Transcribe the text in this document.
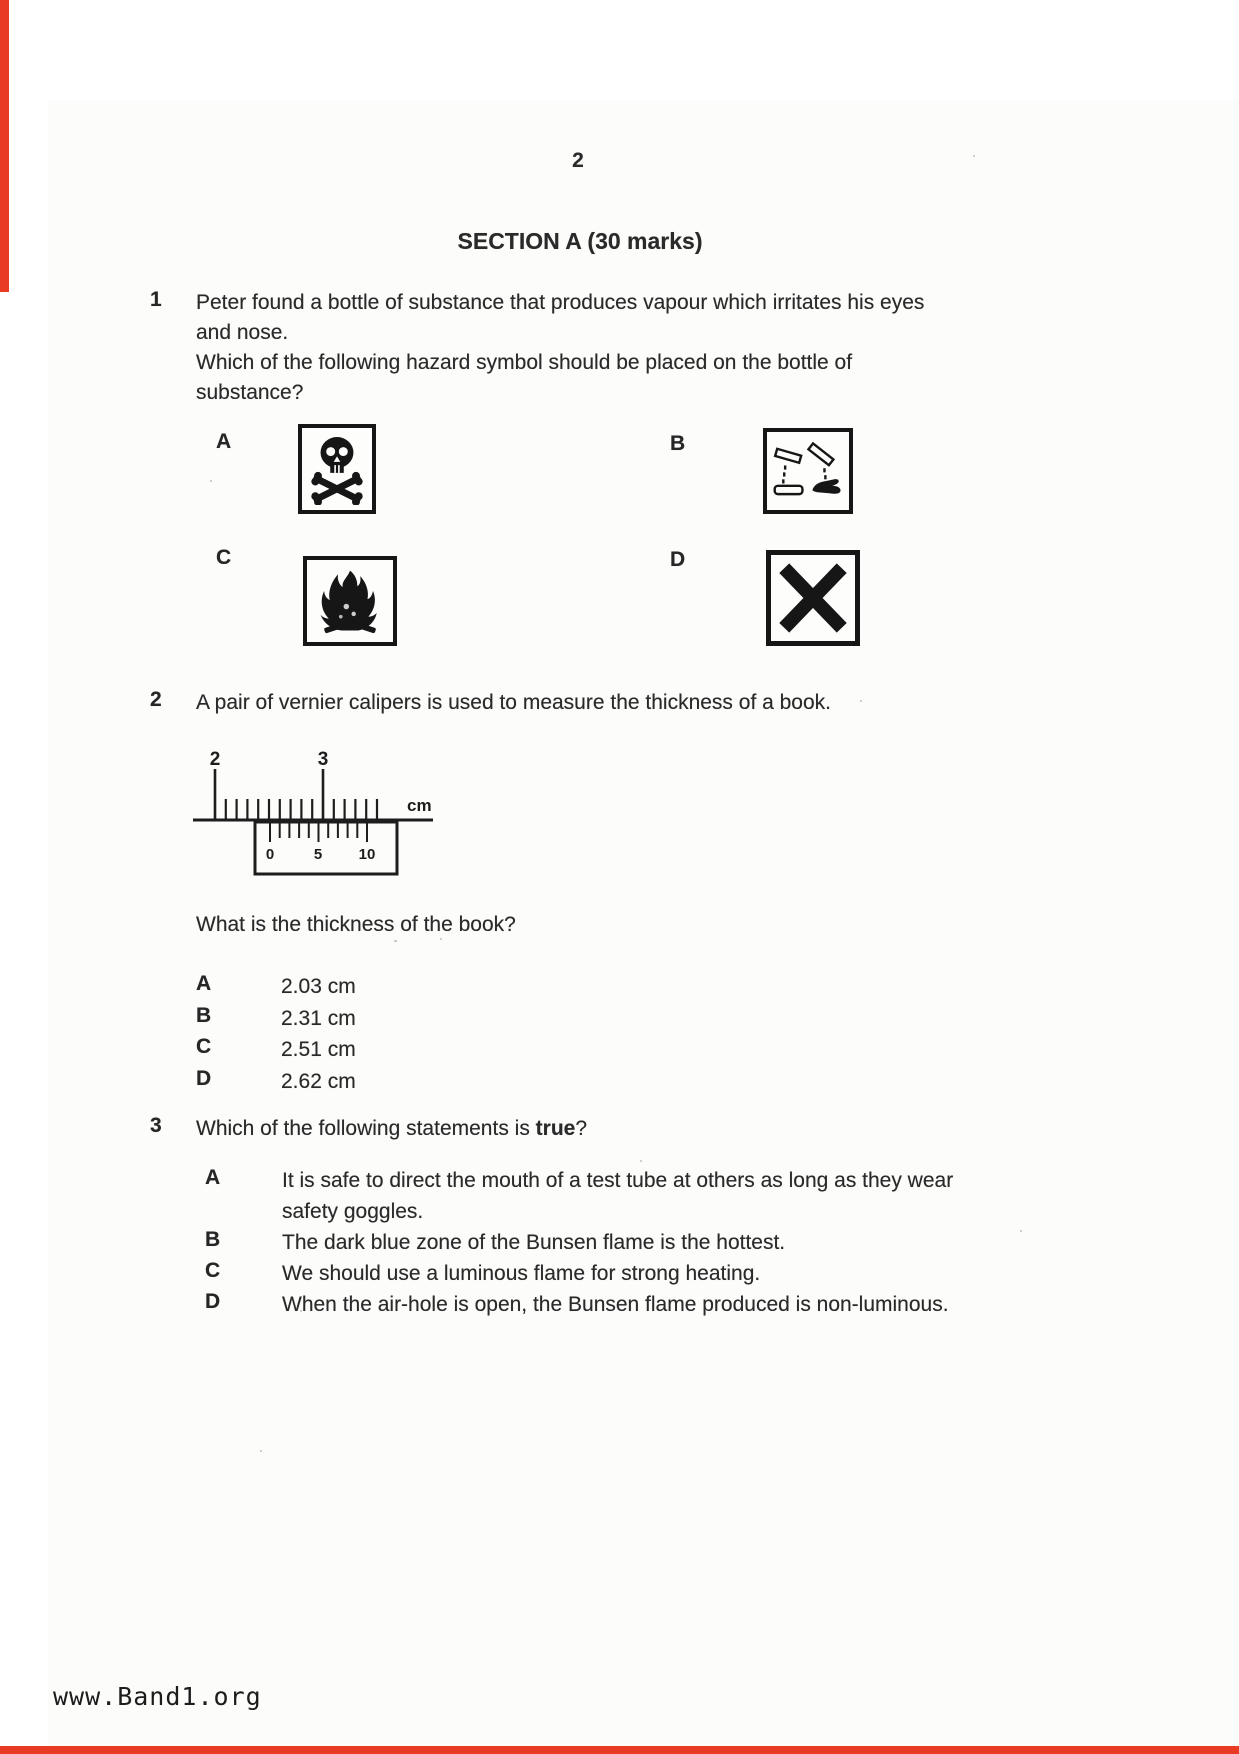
2
SECTION A (30 marks)
1 Peter found a bottle of substance that produces vapour which irritates his eyes
and nose.
Which of the following hazard symbol should be placed on the bottle of
substance?
A	B
C	D
2 A pair of vernier calipers is used to measure the thickness of a book.
2	3
cm
0	5 10
What is the thickness of the book?
A	2.03 cm
B	2.31 cm
C	2.51 cm
D	2.62 cm
3 Which of the following statements is true?
A	It is safe to direct the mouth of a test tube at others as long as they wear
safety goggles.
B	The dark blue zone of the Bunsen flame is the hottest.
C	We should use a luminous flame for strong heating.
D	When the air-hole is open, the Bunsen flame produced is non-luminous.
www.Band1.org
